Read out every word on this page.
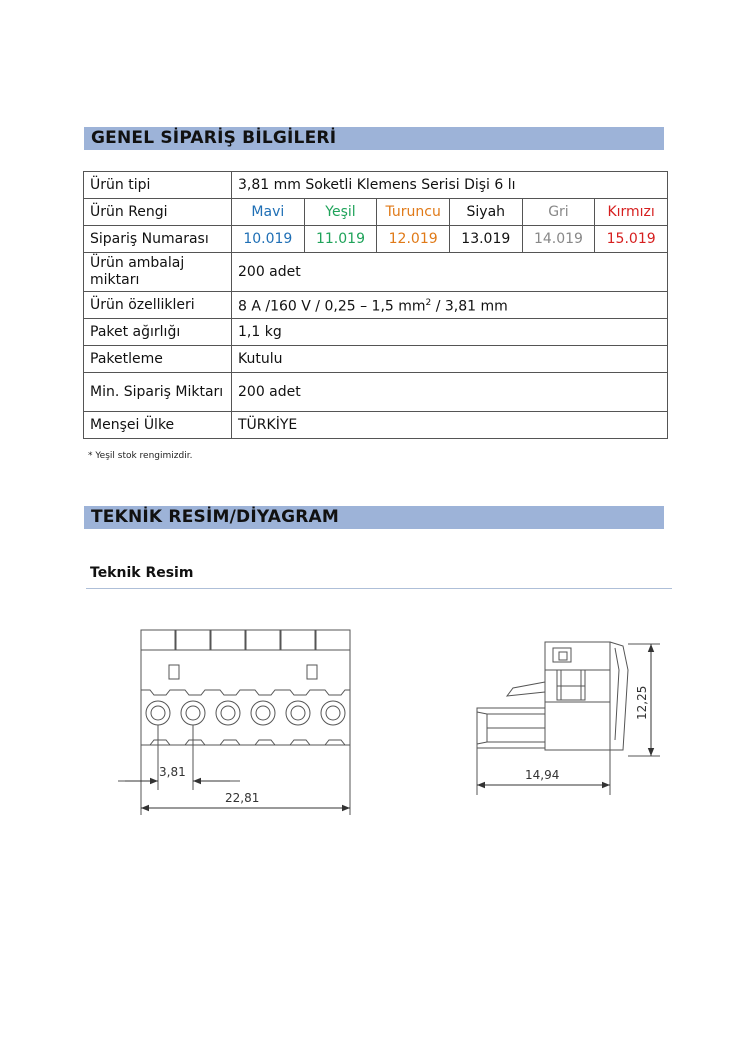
GENEL SİPARİŞ BİLGİLERİ
Ürün tipi	3,81 mm Soketli Klemens Serisi Dişi 6 lı					
Ürün Rengi	Mavi	Yeşil	Turuncu	Siyah	Gri	Kırmızı
Sipariş Numarası	10.019	11.019	12.019	13.019	14.019	15.019
Ürün ambalaj miktarı	200 adet					
Ürün özellikleri	8 A /160 V / 0,25 – 1,5 $mm^2 / 3,81$ mm					
Paket ağırlığı	1,1 kg					
Paketleme	Kutulu					
Min. Sipariş Miktarı	200 adet					
Menşei Ülke	TÜRKİYE					
* Yeşil stok rengimizdir.
TEKNİK RESİM/DİYAGRAM
Teknik Resim
3,81
22,81
14,94
12,25
